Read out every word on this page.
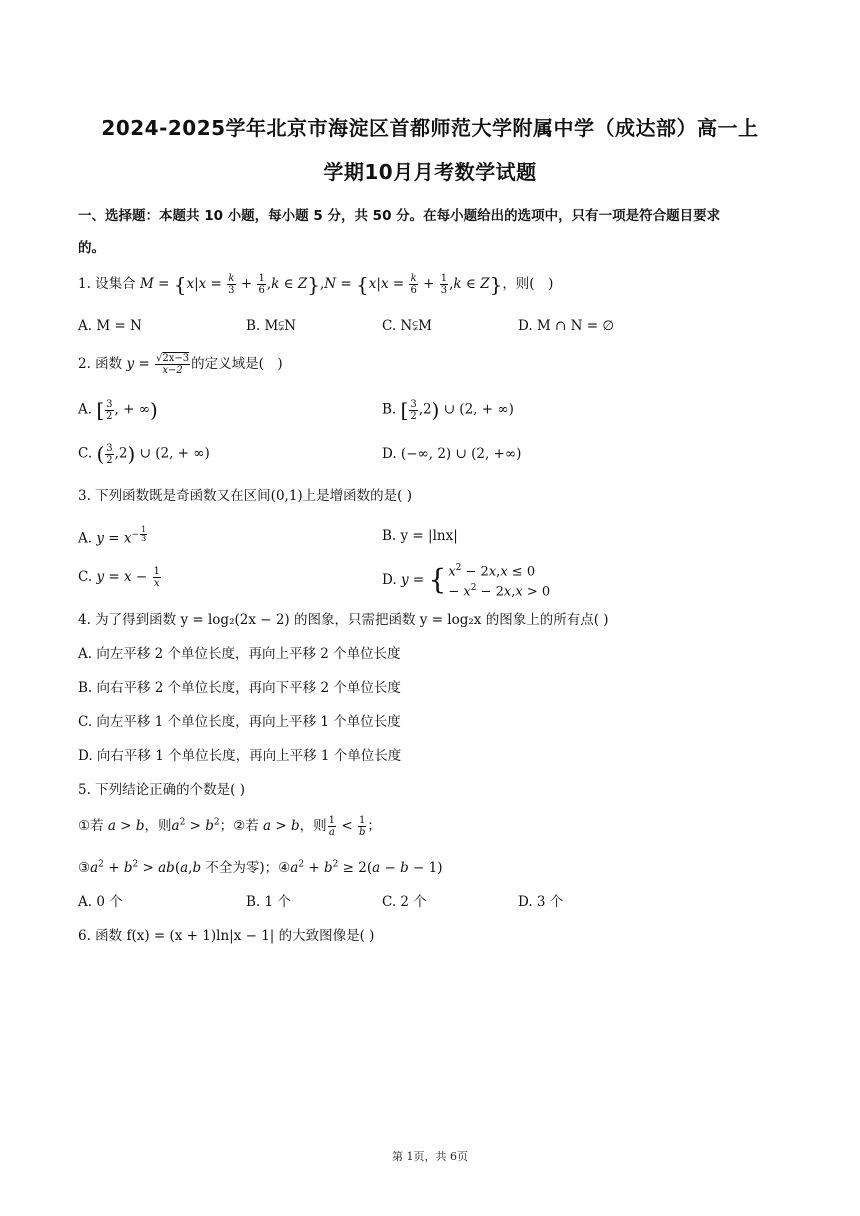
2024-2025学年北京市海淀区首都师范大学附属中学（成达部）高一上
学期10月月考数学试题
一、选择题：本题共 10 小题，每小题 5 分，共 50 分。在每小题给出的选项中，只有一项是符合题目要求
的。
1. 设集合 $M = \{x|x = \frac{k}{3} + \frac{1}{6} ,k$ ∈ $Z\},N = \{x|x = \frac{k}{6} + \frac{1}{3} ,k$ ∈ Z}，则(　)
A. M = N	B. M⫋N	C. N⫋M	D. M ∩ N = ∅
2. 函数 $y = \frac{√2x-3}{x-2}$ 的定义域是(　)
A. [ $\frac{3}{2}$ , + ∞)	B. [ $\frac{3}{2} ,2$) ∪ (2, + ∞)
C. ( $\frac{3}{2} ,2$) ∪ (2, + ∞)	D. (−∞, 2) ∪ (2, +∞)
3. 下列函数既是奇函数又在区间(0,1)上是增函数的是( )
A. $y = x^{- \frac{1}{3}}$	B. y = |lnx|
C. $y = x - \frac{1}{x}$	D. y = { $x^2 - 2x,x \le 0$
− $x^2 - 2x,x > 0$
4. 为了得到函数 y = log₂(2x − 2) 的图象，只需把函数 y = log₂x 的图象上的所有点( )
A. 向左平移 2 个单位长度，再向上平移 2 个单位长度
B. 向右平移 2 个单位长度，再向下平移 2 个单位长度
C. 向左平移 1 个单位长度，再向上平移 1 个单位长度
D. 向右平移 1 个单位长度，再向上平移 1 个单位长度
5. 下列结论正确的个数是( )
①若 a > b，则$a^2 > b^2$；②若 a > b，则 $\frac{1}{a} < \frac{1}{b}$ ；
$③a^2 + b^2 > ab(a,b$ 不全为零)；$④a^2 + b^2 \ge 2(a - b - 1)$
A. 0 个	B. 1 个	C. 2 个	D. 3 个
6. 函数 f(x) = (x + 1)ln|x − 1| 的大致图像是( )
第 1页，共 6页
